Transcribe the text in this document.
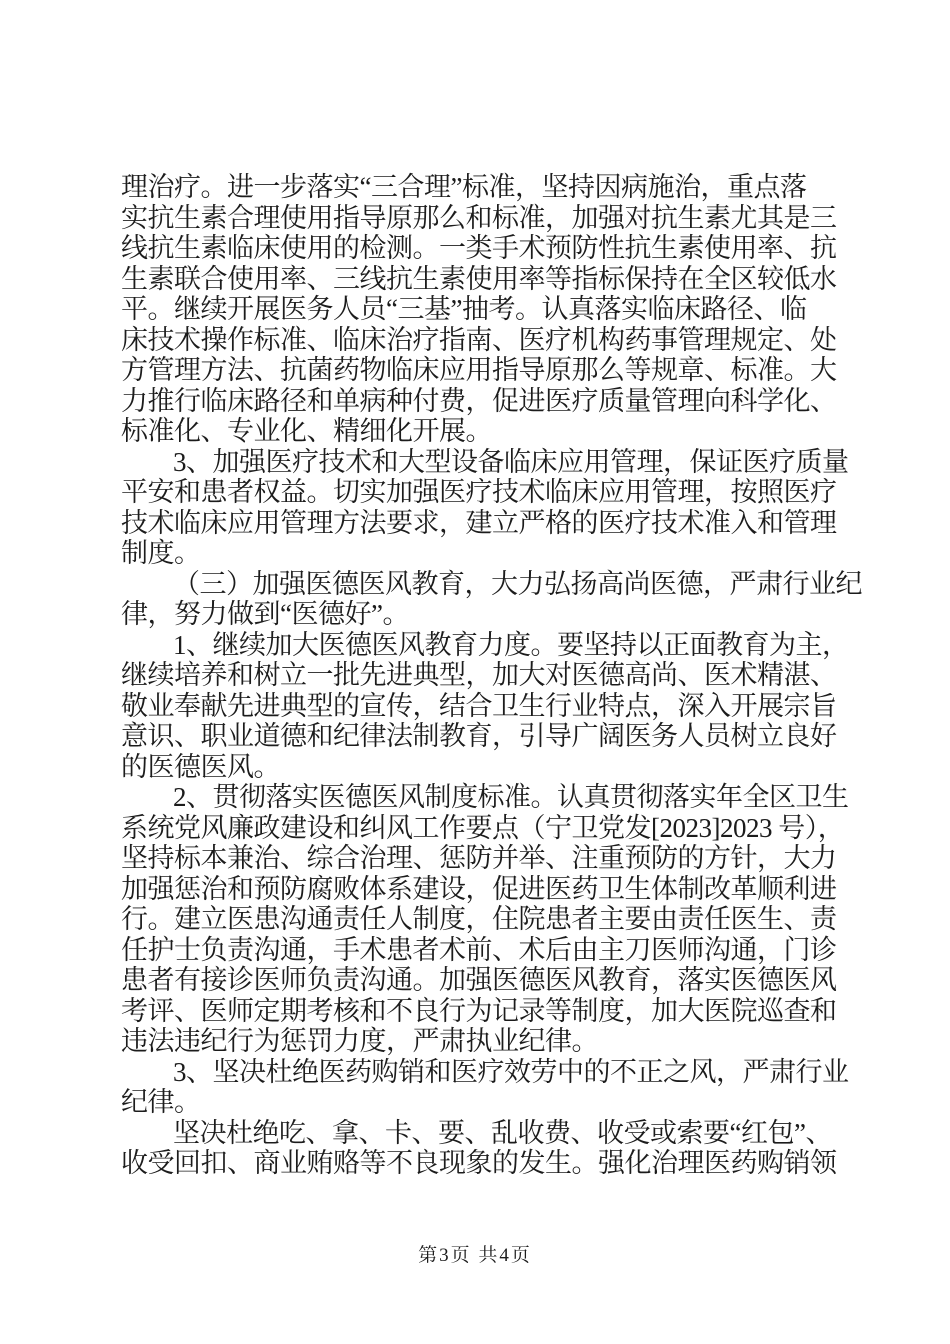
理治疗。进一步落实“三合理”标准，坚持因病施治，重点落
实抗生素合理使用指导原那么和标准，加强对抗生素尤其是三
线抗生素临床使用的检测。一类手术预防性抗生素使用率、抗
生素联合使用率、三线抗生素使用率等指标保持在全区较低水
平。继续开展医务人员“三基”抽考。认真落实临床路径、临
床技术操作标准、临床治疗指南、医疗机构药事管理规定、处
方管理方法、抗菌药物临床应用指导原那么等规章、标准。大
力推行临床路径和单病种付费，促进医疗质量管理向科学化、
标准化、专业化、精细化开展。
3、加强医疗技术和大型设备临床应用管理，保证医疗质量
平安和患者权益。切实加强医疗技术临床应用管理，按照医疗
技术临床应用管理方法要求，建立严格的医疗技术准入和管理
制度。
（三）加强医德医风教育，大力弘扬高尚医德，严肃行业纪
律，努力做到“医德好”。
1、继续加大医德医风教育力度。要坚持以正面教育为主，
继续培养和树立一批先进典型，加大对医德高尚、医术精湛、
敬业奉献先进典型的宣传，结合卫生行业特点，深入开展宗旨
意识、职业道德和纪律法制教育，引导广阔医务人员树立良好
的医德医风。
2、贯彻落实医德医风制度标准。认真贯彻落实年全区卫生
系统党风廉政建设和纠风工作要点（宁卫党发[2023]2023 号），
坚持标本兼治、综合治理、惩防并举、注重预防的方针，大力
加强惩治和预防腐败体系建设，促进医药卫生体制改革顺利进
行。建立医患沟通责任人制度，住院患者主要由责任医生、责
任护士负责沟通，手术患者术前、术后由主刀医师沟通，门诊
患者有接诊医师负责沟通。加强医德医风教育，落实医德医风
考评、医师定期考核和不良行为记录等制度，加大医院巡查和
违法违纪行为惩罚力度，严肃执业纪律。
3、坚决杜绝医药购销和医疗效劳中的不正之风，严肃行业
纪律。
坚决杜绝吃、拿、卡、要、乱收费、收受或索要“红包”、
收受回扣、商业贿赂等不良现象的发生。强化治理医药购销领
第3页 共4页
